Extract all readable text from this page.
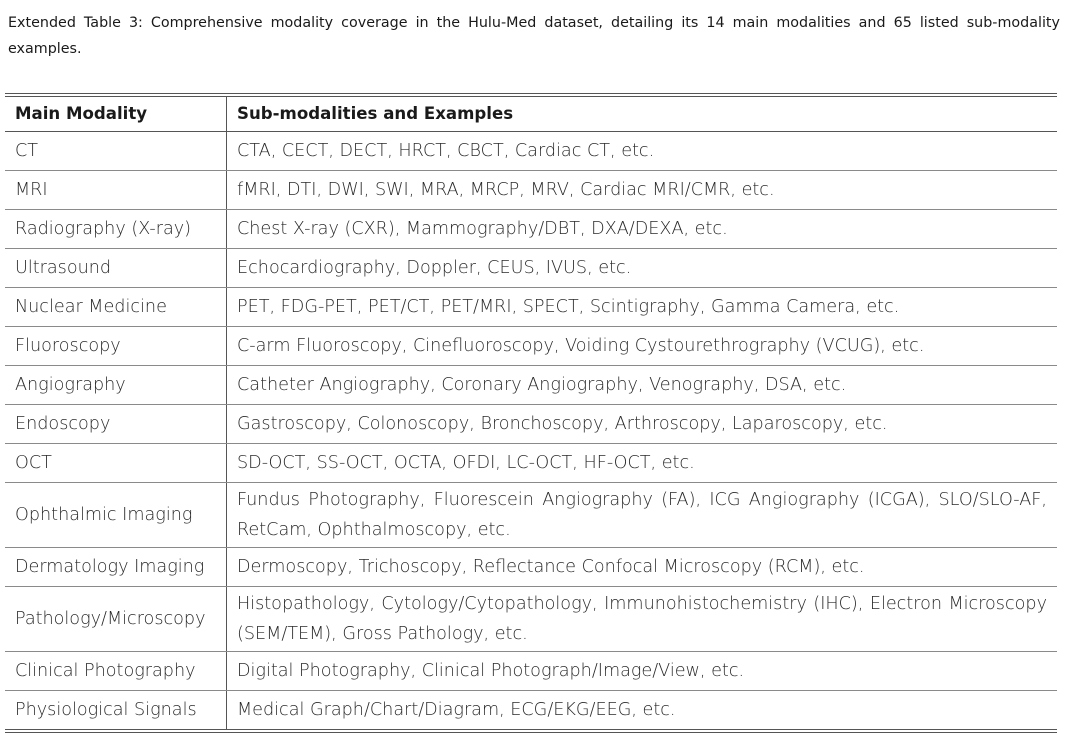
Extended Table 3: Comprehensive modality coverage in the Hulu-Med dataset, detailing its 14 main modalities and 65 listed sub-modality examples.

Main Modality	Sub-modalities and Examples
CT	CTA, CECT, DECT, HRCT, CBCT, Cardiac CT, etc.
MRI	fMRI, DTI, DWI, SWI, MRA, MRCP, MRV, Cardiac MRI/CMR, etc.
Radiography (X-ray)	Chest X-ray (CXR), Mammography/DBT, DXA/DEXA, etc.
Ultrasound	Echocardiography, Doppler, CEUS, IVUS, etc.
Nuclear Medicine	PET, FDG-PET, PET/CT, PET/MRI, SPECT, Scintigraphy, Gamma Camera, etc.
Fluoroscopy	C-arm Fluoroscopy, Cinefluoroscopy, Voiding Cystourethrography (VCUG), etc.
Angiography	Catheter Angiography, Coronary Angiography, Venography, DSA, etc.
Endoscopy	Gastroscopy, Colonoscopy, Bronchoscopy, Arthroscopy, Laparoscopy, etc.
OCT	SD-OCT, SS-OCT, OCTA, OFDI, LC-OCT, HF-OCT, etc.
Ophthalmic Imaging	Fundus Photography, Fluorescein Angiography (FA), ICG Angiography (ICGA), SLO/SLO-AF, RetCam, Ophthalmoscopy, etc.
Dermatology Imaging	Dermoscopy, Trichoscopy, Reflectance Confocal Microscopy (RCM), etc.
Pathology/Microscopy	Histopathology, Cytology/Cytopathology, Immunohistochemistry (IHC), Electron Microscopy (SEM/TEM), Gross Pathology, etc.
Clinical Photography	Digital Photography, Clinical Photograph/Image/View, etc.
Physiological Signals	Medical Graph/Chart/Diagram, ECG/EKG/EEG, etc.
